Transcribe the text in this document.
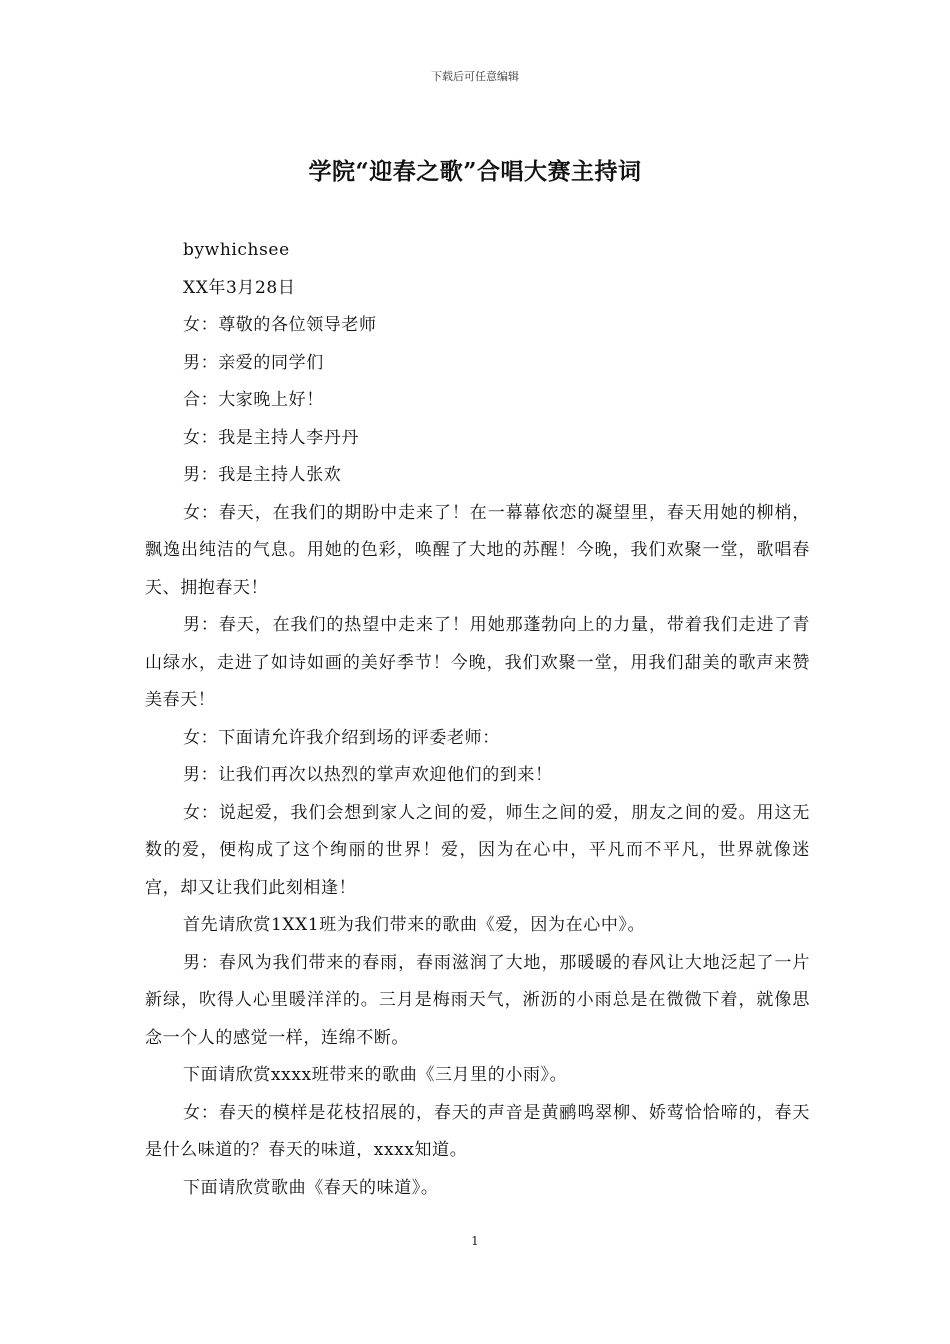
下载后可任意编辑
学院“迎春之歌”合唱大赛主持词

bywhichsee

XX年3月28日

女：尊敬的各位领导老师

男：亲爱的同学们

合：大家晚上好！

女：我是主持人李丹丹

男：我是主持人张欢

女：春天，在我们的期盼中走来了！在一幕幕依恋的凝望里，春天用她的柳梢，飘逸出纯洁的气息。用她的色彩，唤醒了大地的苏醒！今晚，我们欢聚一堂，歌唱春天、拥抱春天！

男：春天，在我们的热望中走来了！用她那蓬勃向上的力量，带着我们走进了青山绿水，走进了如诗如画的美好季节！今晚，我们欢聚一堂，用我们甜美的歌声来赞美春天！

女：下面请允许我介绍到场的评委老师：

男：让我们再次以热烈的掌声欢迎他们的到来！

女：说起爱，我们会想到家人之间的爱，师生之间的爱，朋友之间的爱。用这无数的爱，便构成了这个绚丽的世界！爱，因为在心中，平凡而不平凡，世界就像迷宫，却又让我们此刻相逢！

首先请欣赏1XX1班为我们带来的歌曲《爱，因为在心中》。

男：春风为我们带来的春雨，春雨滋润了大地，那暖暖的春风让大地泛起了一片新绿，吹得人心里暖洋洋的。三月是梅雨天气，淅沥的小雨总是在微微下着，就像思念一个人的感觉一样，连绵不断。

下面请欣赏xxxx班带来的歌曲《三月里的小雨》。

女：春天的模样是花枝招展的，春天的声音是黄鹂鸣翠柳、娇莺恰恰啼的，春天是什么味道的？春天的味道，xxxx知道。

下面请欣赏歌曲《春天的味道》。

1
